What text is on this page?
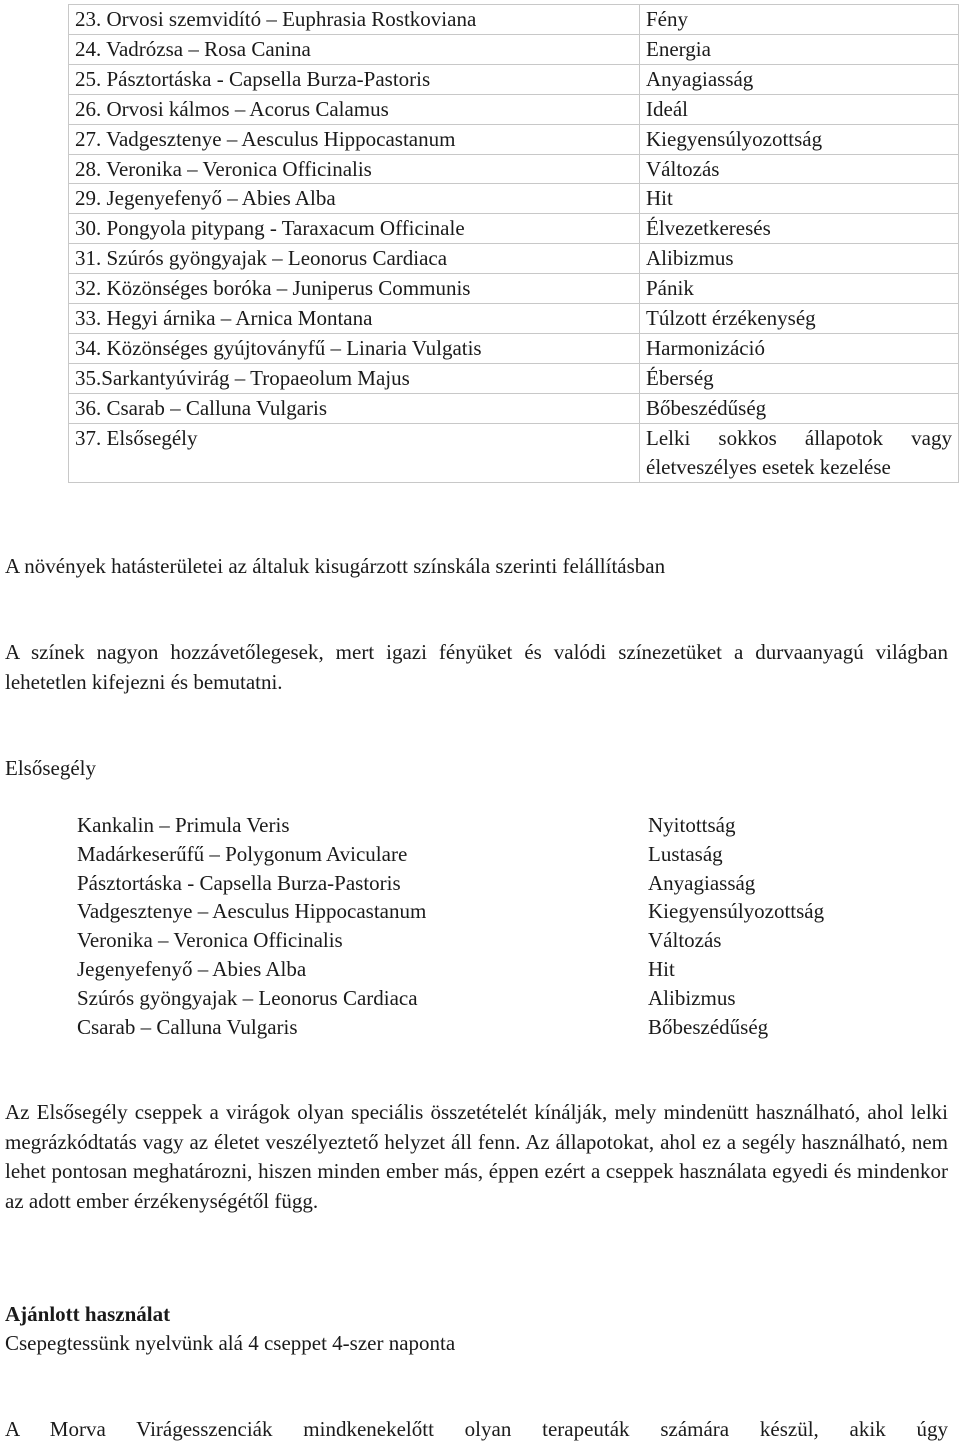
23. Orvosi szemvidító – Euphrasia Rostkoviana	Fény
24. Vadrózsa – Rosa Canina	Energia
25. Pásztortáska - Capsella Burza-Pastoris	Anyagiasság
26. Orvosi kálmos – Acorus Calamus	Ideál
27. Vadgesztenye – Aesculus Hippocastanum	Kiegyensúlyozottság
28. Veronika – Veronica Officinalis	Változás
29. Jegenyefenyő – Abies Alba	Hit
30. Pongyola pitypang - Taraxacum Officinale	Élvezetkeresés
31. Szúrós gyöngyajak – Leonorus Cardiaca	Alibizmus
32. Közönséges boróka – Juniperus Communis	Pánik
33. Hegyi árnika – Arnica Montana	Túlzott érzékenység
34. Közönséges gyújtoványfű – Linaria Vulgatis	Harmonizáció
35.Sarkantyúvirág – Tropaeolum Majus	Éberség
36. Csarab – Calluna Vulgaris	Bőbeszédűség
37. Elsősegély	Lelki sokkos állapotok vagy életveszélyes esetek kezelése
A növények hatásterületei az általuk kisugárzott színskála szerinti felállításban
A színek nagyon hozzávetőlegesek, mert igazi fényüket és valódi színezetüket a durvaanyagú világban lehetetlen kifejezni és bemutatni.
Elsősegély
Kankalin – Primula Veris	Nyitottság
Madárkeserűfű – Polygonum Aviculare	Lustaság
Pásztortáska - Capsella Burza-Pastoris	Anyagiasság
Vadgesztenye – Aesculus Hippocastanum	Kiegyensúlyozottság
Veronika – Veronica Officinalis	Változás
Jegenyefenyő – Abies Alba	Hit
Szúrós gyöngyajak – Leonorus Cardiaca	Alibizmus
Csarab – Calluna Vulgaris	Bőbeszédűség
Az Elsősegély cseppek a virágok olyan speciális összetételét kínálják, mely mindenütt használható, ahol lelki megrázkódtatás vagy az életet veszélyeztető helyzet áll fenn. Az állapotokat, ahol ez a segély használható, nem lehet pontosan meghatározni, hiszen minden ember más, éppen ezért a cseppek használata egyedi és mindenkor az adott ember érzékenységétől függ.
Ajánlott használat
Csepegtessünk nyelvünk alá 4 cseppet 4-szer naponta
A Morva Virágesszenciák mindkenekelőtt olyan terapeuták számára készül, akik úgy
